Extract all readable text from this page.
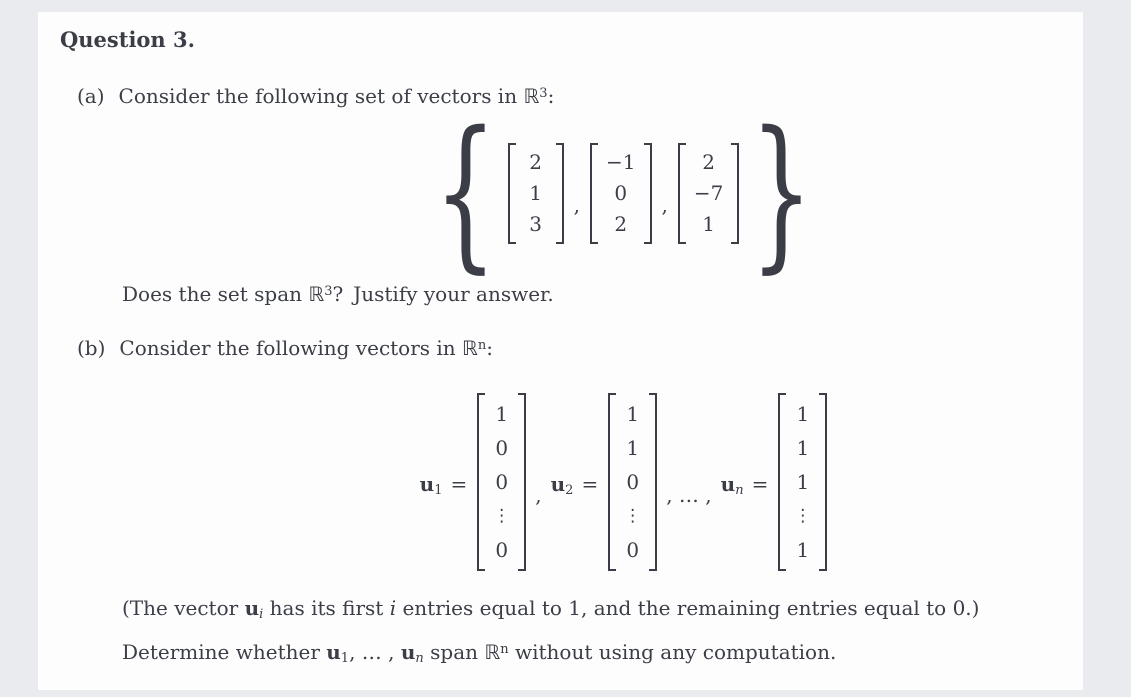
Question 3.
(a) Consider the following set of vectors in ℝ$^3$:
{ 2
1
3
,
−1
0
2
,
2
−7
1 }
Does the set span ℝ$^3$? Justify your answer.
(b) Consider the following vectors in ℝ$^n$:
u1 =
1
0
0
⋮
0
, u2 =
1
1
0
⋮
0
, … , un =
1
1
1
⋮
1
(The vector ui has its first i entries equal to 1, and the remaining entries equal to 0.)
Determine whether u1, … , un span ℝ$^n$ without using any computation.
